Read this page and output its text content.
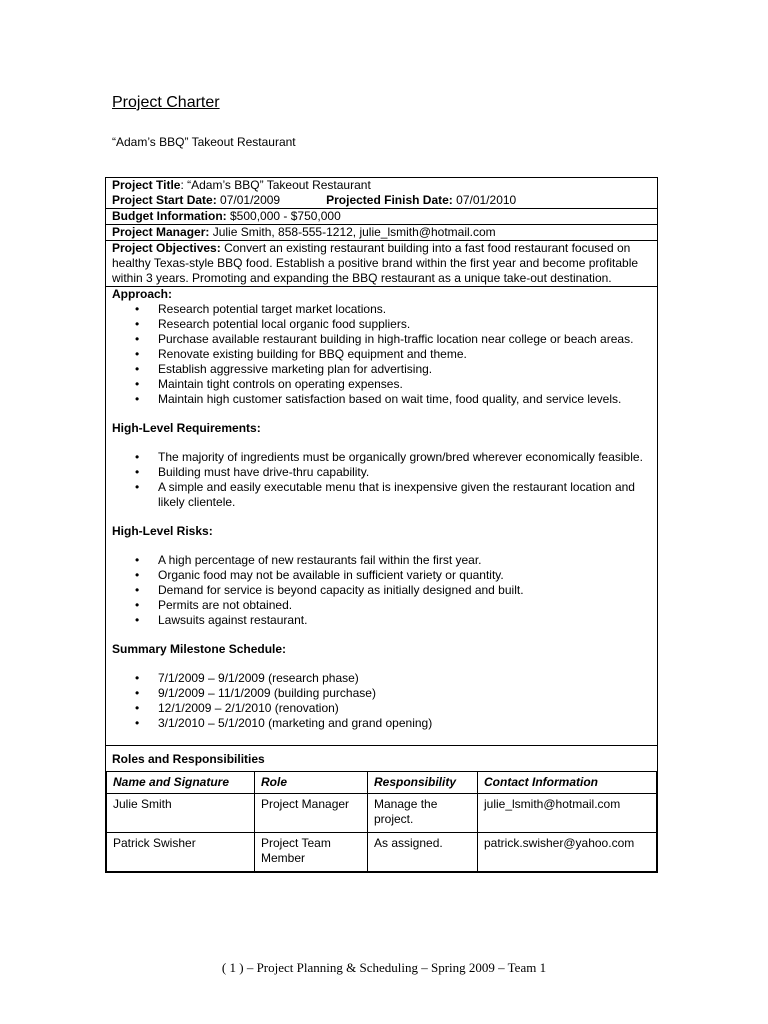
Project Charter
“Adam’s BBQ” Takeout Restaurant
Project Title: “Adam’s BBQ” Takeout Restaurant
Project Start Date: 07/01/2009	Projected Finish Date: 07/01/2010
Budget Information: $500,000 - $750,000
Project Manager: Julie Smith, 858-555-1212, julie_lsmith@hotmail.com
Project Objectives: Convert an existing restaurant building into a fast food restaurant focused on healthy Texas-style BBQ food. Establish a positive brand within the first year and become profitable within 3 years. Promoting and expanding the BBQ restaurant as a unique take-out destination.
Approach:
• Research potential target market locations.
• Research potential local organic food suppliers.
• Purchase available restaurant building in high-traffic location near college or beach areas.
• Renovate existing building for BBQ equipment and theme.
• Establish aggressive marketing plan for advertising.
• Maintain tight controls on operating expenses.
• Maintain high customer satisfaction based on wait time, food quality, and service levels.
High-Level Requirements:
• The majority of ingredients must be organically grown/bred wherever economically feasible.
• Building must have drive-thru capability.
• A simple and easily executable menu that is inexpensive given the restaurant location and likely clientele.
High-Level Risks:
• A high percentage of new restaurants fail within the first year.
• Organic food may not be available in sufficient variety or quantity.
• Demand for service is beyond capacity as initially designed and built.
• Permits are not obtained.
• Lawsuits against restaurant.
Summary Milestone Schedule:
• 7/1/2009 – 9/1/2009 (research phase)
• 9/1/2009 – 11/1/2009 (building purchase)
• 12/1/2009 – 2/1/2010 (renovation)
• 3/1/2010 – 5/1/2010 (marketing and grand opening)
Roles and Responsibilities
Name and Signature	Role	Responsibility	Contact Information
Julie Smith	Project Manager	Manage the project.	julie_lsmith@hotmail.com
Patrick Swisher	Project Team Member	As assigned.	patrick.swisher@yahoo.com
( 1 ) – Project Planning & Scheduling – Spring 2009 – Team 1
